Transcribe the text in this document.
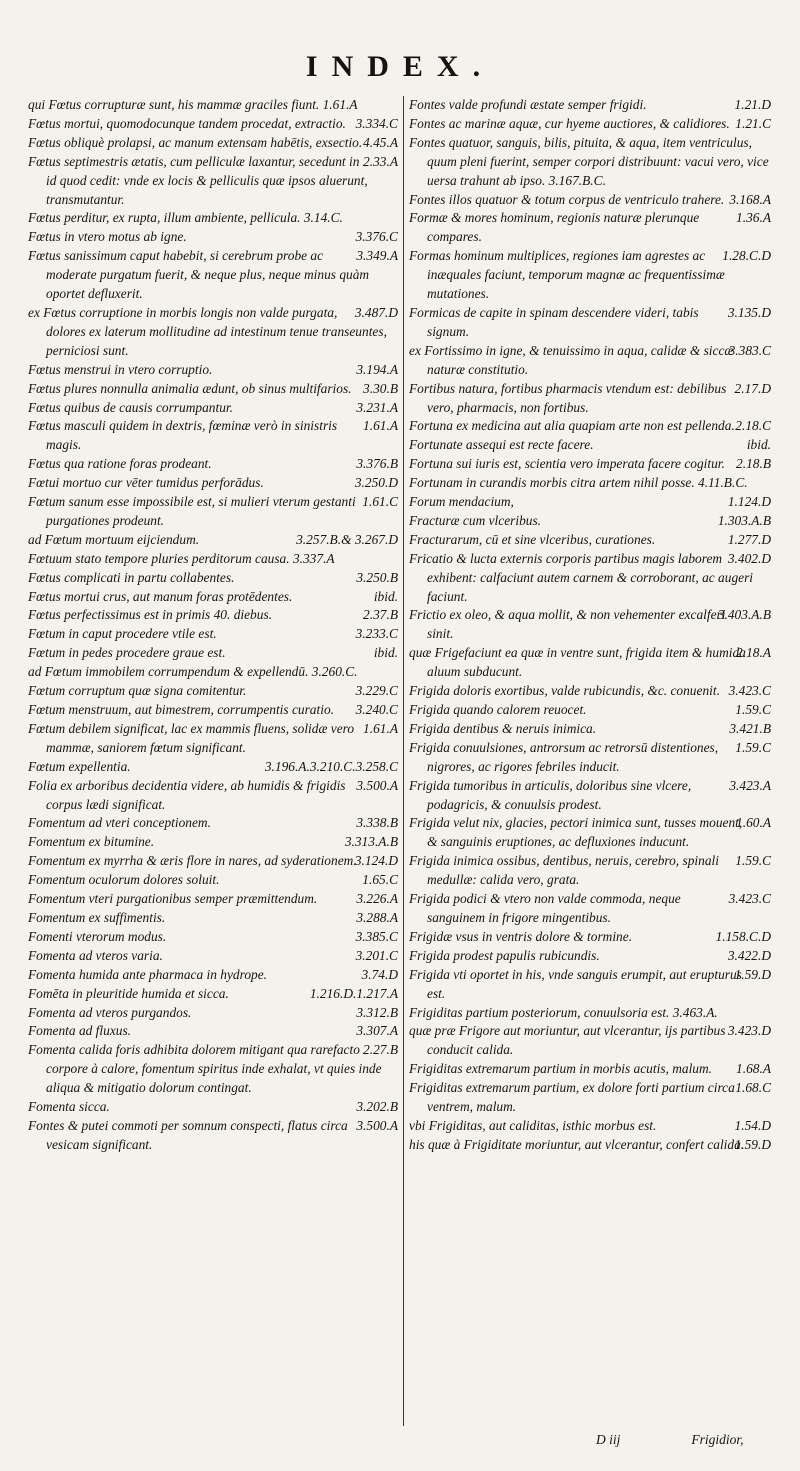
INDEX.

qui Fœtus corrupturæ sunt, his mammæ graciles fiunt. 1.61.A

3.334.C
Fœtus mortui, quomodocunque tandem procedat, extractio.

4.45.A
Fœtus obliquè prolapsi, ac manum extensam habētis, exsectio.

2.33.A
Fœtus septimestris ætatis, cum pelliculæ laxantur, secedunt in id quod cedit: vnde ex locis & pelliculis quæ ipsos aluerunt, transmutantur.

Fœtus perditur, ex rupta, illum ambiente, pellicula. 3.14.C.

3.376.C
Fœtus in vtero motus ab igne.

3.349.A
Fœtus sanissimum caput habebit, si cerebrum probe ac moderate purgatum fuerit, & neque plus, neque minus quàm oportet defluxerit.

3.487.D
ex Fœtus corruptione in morbis longis non valde purgata, dolores ex laterum mollitudine ad intestinum tenue transeuntes, perniciosi sunt.

3.194.A
Fœtus menstrui in vtero corruptio.

3.30.B
Fœtus plures nonnulla animalia ædunt, ob sinus multifarios.

3.231.A
Fœtus quibus de causis corrumpantur.

1.61.A
Fœtus masculi quidem in dextris, fœminæ verò in sinistris magis.

3.376.B
Fœtus qua ratione foras prodeant.

3.250.D
Fœtui mortuo cur vēter tumidus perforādus.

1.61.C
Fœtum sanum esse impossibile est, si mulieri vterum gestanti purgationes prodeunt.

3.257.B.& 3.267.D
ad Fœtum mortuum eijciendum.

Fœtuum stato tempore pluries perditorum causa. 3.337.A

3.250.B
Fœtus complicati in partu collabentes.

ibid.
Fœtus mortui crus, aut manum foras protēdentes.

2.37.B
Fœtus perfectissimus est in primis 40. diebus.

3.233.C
Fœtum in caput procedere vtile est.

ibid.
Fœtum in pedes procedere graue est.

ad Fœtum immobilem corrumpendum & expellendū. 3.260.C.

3.229.C
Fœtum corruptum quæ signa comitentur.

3.240.C
Fœtum menstruum, aut bimestrem, corrumpentis curatio.

1.61.A
Fœtum debilem significat, lac ex mammis fluens, solidæ vero mammæ, saniorem fœtum significant.

3.196.A.3.210.C.3.258.C
Fœtum expellentia.

3.500.A
Folia ex arboribus decidentia videre, ab humidis & frigidis corpus lædi significat.

3.338.B
Fomentum ad vteri conceptionem.

3.313.A.B
Fomentum ex bitumine.

3.124.D
Fomentum ex myrrha & æris flore in nares, ad syderationem.

1.65.C
Fomentum oculorum dolores soluit.

3.226.A
Fomentum vteri purgationibus semper præmittendum.

3.288.A
Fomentum ex suffimentis.

3.385.C
Fomenti vterorum modus.

3.201.C
Fomenta ad vteros varia.

3.74.D
Fomenta humida ante pharmaca in hydrope.

1.216.D.1.217.A
Fomēta in pleuritide humida et sicca.

3.312.B
Fomenta ad vteros purgandos.

3.307.A
Fomenta ad fluxus.

2.27.B
Fomenta calida foris adhibita dolorem mitigant qua rarefacto corpore à calore, fomentum spiritus inde exhalat, vt quies inde aliqua & mitigatio dolorum contingat.

3.202.B
Fomenta sicca.

3.500.A
Fontes & putei commoti per somnum conspecti, flatus circa vesicam significant.

1.21.D
Fontes valde profundi æstate semper frigidi.

1.21.C
Fontes ac marinæ aquæ, cur hyeme auctiores, & calidiores.

Fontes quatuor, sanguis, bilis, pituita, & aqua, item ventriculus, quum pleni fuerint, semper corpori distribuunt: vacui vero, vice uersa trahunt ab ipso. 3.167.B.C.

3.168.A
Fontes illos quatuor & totum corpus de ventriculo trahere.

1.36.A
Formæ & mores hominum, regionis naturæ plerunque compares.

1.28.C.D
Formas hominum multiplices, regiones iam agrestes ac inæquales faciunt, temporum magnæ ac frequentissimæ mutationes.

3.135.D
Formicas de capite in spinam descendere videri, tabis signum.

3.383.C
ex Fortissimo in igne, & tenuissimo in aqua, calidæ & siccæ naturæ constitutio.

2.17.D
Fortibus natura, fortibus pharmacis vtendum est: debilibus vero, pharmacis, non fortibus.

2.18.C
Fortuna ex medicina aut alia quapiam arte non est pellenda.

ibid.
Fortunate assequi est recte facere.

2.18.B
Fortuna sui iuris est, scientia vero imperata facere cogitur.

Fortunam in curandis morbis citra artem nihil posse. 4.11.B.C.

1.124.D
Forum mendacium,

1.303.A.B
Fracturæ cum vlceribus.

1.277.D
Fracturarum, cū et sine vlceribus, curationes.

3.402.D
Fricatio & lucta externis corporis partibus magis laborem exhibent: calfaciunt autem carnem & corroborant, ac augeri faciunt.

3.403.A.B
Frictio ex oleo, & aqua mollit, & non vehementer excalferi sinit.

2.18.A
quæ Frigefaciunt ea quæ in ventre sunt, frigida item & humida aluum subducunt.

3.423.C
Frigida doloris exortibus, valde rubicundis, &c. conuenit.

1.59.C
Frigida quando calorem reuocet.

3.421.B
Frigida dentibus & neruis inimica.

1.59.C
Frigida conuulsiones, antrorsum ac retrorsū distentiones, nigrores, ac rigores febriles inducit.

3.423.A
Frigida tumoribus in articulis, doloribus sine vlcere, podagricis, & conuulsis prodest.

1.60.A
Frigida velut nix, glacies, pectori inimica sunt, tusses mouent, & sanguinis eruptiones, ac defluxiones inducunt.

1.59.C
Frigida inimica ossibus, dentibus, neruis, cerebro, spinali medullæ: calida vero, grata.

3.423.C
Frigida podici & vtero non valde commoda, neque sanguinem in frigore mingentibus.

1.158.C.D
Frigidæ vsus in ventris dolore & tormine.

3.422.D
Frigida prodest papulis rubicundis.

1.59.D
Frigida vti oportet in his, vnde sanguis erumpit, aut erupturus est.

Frigiditas partium posteriorum, conuulsoria est. 3.463.A.

3.423.D
quæ præ Frigore aut moriuntur, aut vlcerantur, ijs partibus conducit calida.

1.68.A
Frigiditas extremarum partium in morbis acutis, malum.

1.68.C
Frigiditas extremarum partium, ex dolore forti partium circa ventrem, malum.

1.54.D
vbi Frigiditas, aut caliditas, isthic morbus est.

1.59.D
his quæ à Frigiditate moriuntur, aut vlcerantur, confert calida.

D iij	Frigidior,
